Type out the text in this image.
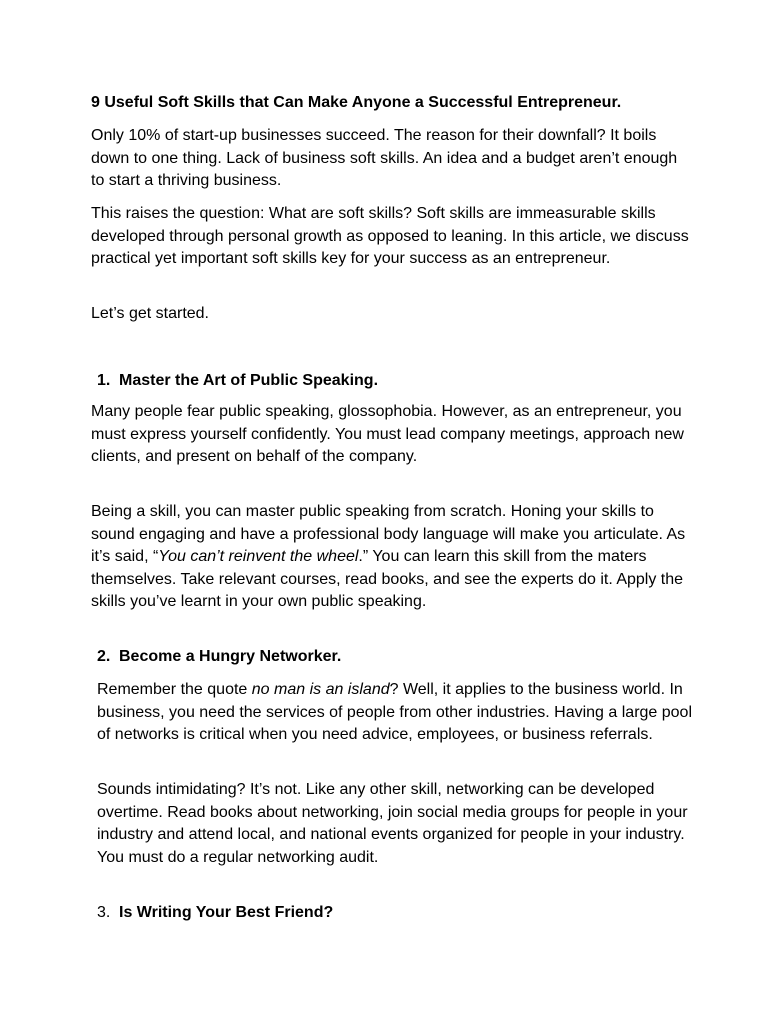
9 Useful Soft Skills that Can Make Anyone a Successful Entrepreneur.

Only 10% of start-up businesses succeed. The reason for their downfall? It boils down to one thing. Lack of business soft skills. An idea and a budget aren’t enough to start a thriving business.

This raises the question: What are soft skills? Soft skills are immeasurable skills developed through personal growth as opposed to leaning. In this article, we discuss practical yet important soft skills key for your success as an entrepreneur.

Let’s get started.

1. Master the Art of Public Speaking.

Many people fear public speaking, glossophobia. However, as an entrepreneur, you must express yourself confidently. You must lead company meetings, approach new clients, and present on behalf of the company.

Being a skill, you can master public speaking from scratch. Honing your skills to sound engaging and have a professional body language will make you articulate. As it’s said, “You can’t reinvent the wheel.” You can learn this skill from the maters themselves. Take relevant courses, read books, and see the experts do it. Apply the skills you’ve learnt in your own public speaking.

2. Become a Hungry Networker.

Remember the quote no man is an island? Well, it applies to the business world. In business, you need the services of people from other industries. Having a large pool of networks is critical when you need advice, employees, or business referrals.

Sounds intimidating? It’s not. Like any other skill, networking can be developed overtime. Read books about networking, join social media groups for people in your industry and attend local, and national events organized for people in your industry. You must do a regular networking audit.

3. Is Writing Your Best Friend?
